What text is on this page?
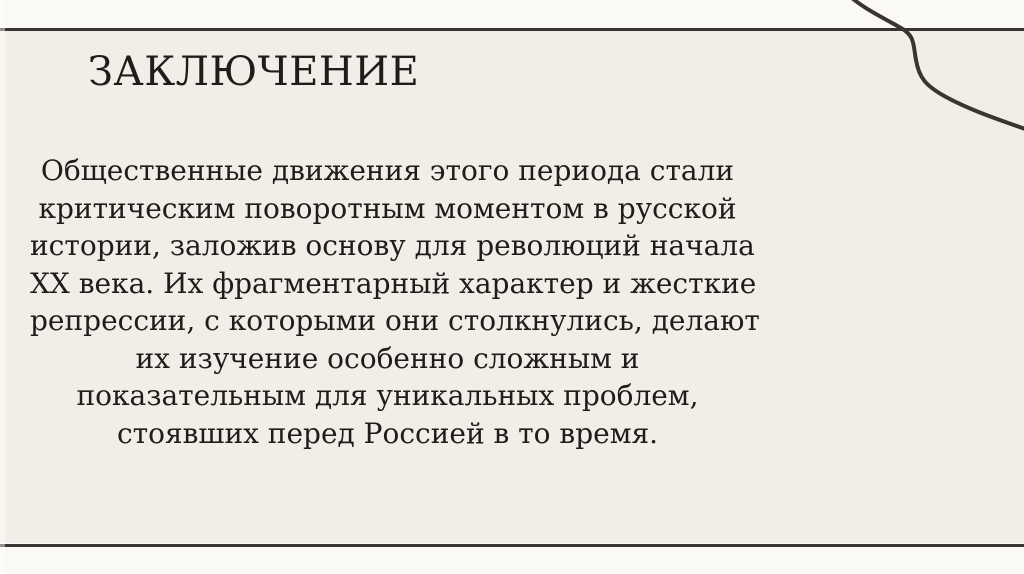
ЗАКЛЮЧЕНИЕ
Общественные движения этого периода стали
критическим поворотным моментом в русской
истории, заложив основу для революций начала
XX века. Их фрагментарный характер и жесткие
репрессии, с которыми они столкнулись, делают
их изучение особенно сложным и
показательным для уникальных проблем,
стоявших перед Россией в то время.
